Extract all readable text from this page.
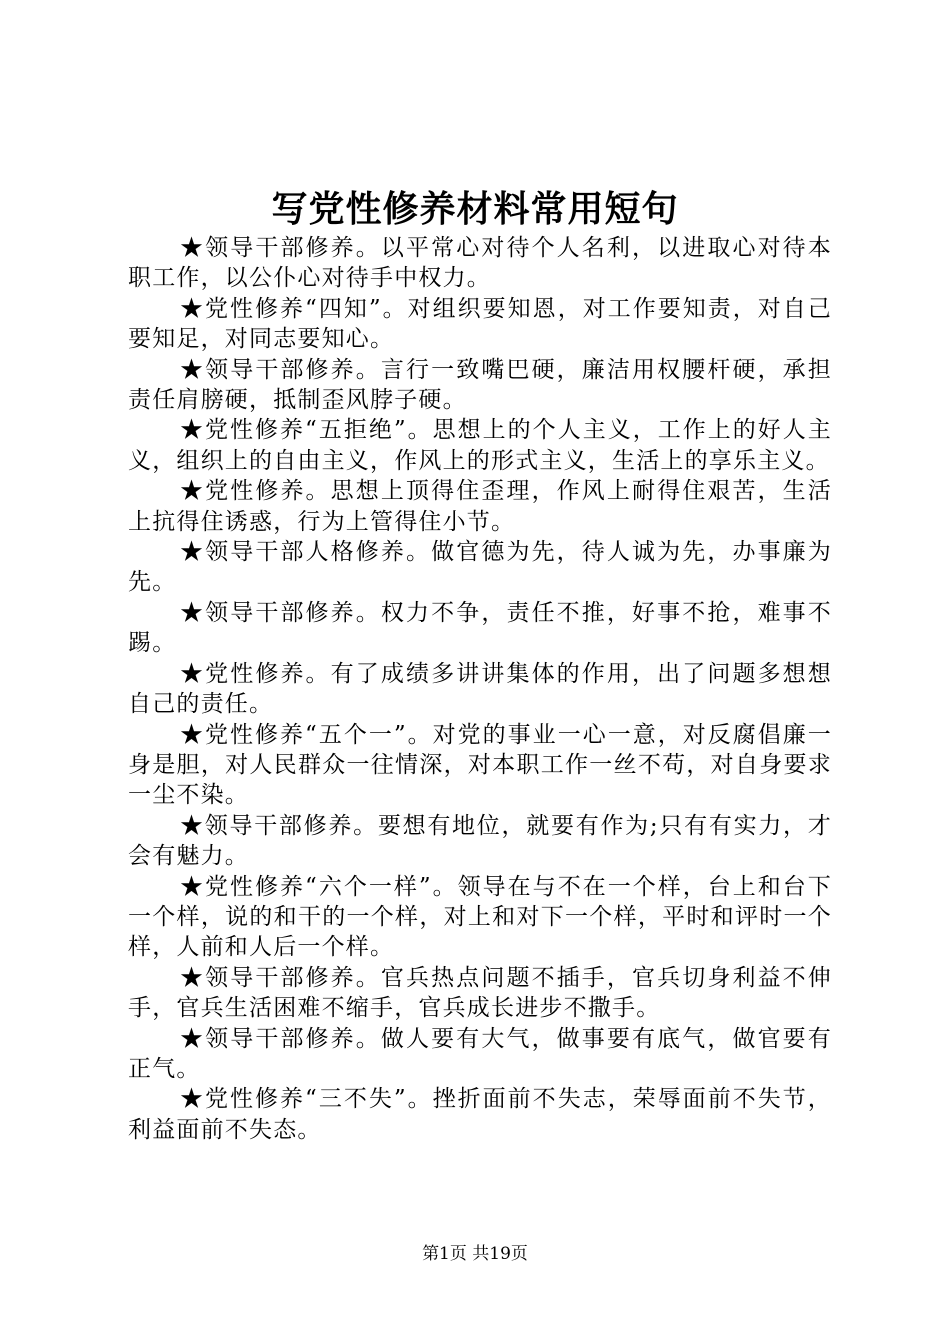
写党性修养材料常用短句

★领导干部修养。以平常心对待个人名利，以进取心对待本职工作，以公仆心对待手中权力。

★党性修养“四知”。对组织要知恩，对工作要知责，对自己要知足，对同志要知心。

★领导干部修养。言行一致嘴巴硬，廉洁用权腰杆硬，承担责任肩膀硬，抵制歪风脖子硬。

★党性修养“五拒绝”。思想上的个人主义，工作上的好人主义，组织上的自由主义，作风上的形式主义，生活上的享乐主义。

★党性修养。思想上顶得住歪理，作风上耐得住艰苦，生活上抗得住诱惑，行为上管得住小节。

★领导干部人格修养。做官德为先，待人诚为先，办事廉为先。

★领导干部修养。权力不争，责任不推，好事不抢，难事不踢。

★党性修养。有了成绩多讲讲集体的作用，出了问题多想想自己的责任。

★党性修养“五个一”。对党的事业一心一意，对反腐倡廉一身是胆，对人民群众一往情深，对本职工作一丝不苟，对自身要求一尘不染。

★领导干部修养。要想有地位，就要有作为;只有有实力，才会有魅力。

★党性修养“六个一样”。领导在与不在一个样，台上和台下一个样，说的和干的一个样，对上和对下一个样，平时和评时一个样，人前和人后一个样。

★领导干部修养。官兵热点问题不插手，官兵切身利益不伸手，官兵生活困难不缩手，官兵成长进步不撒手。

★领导干部修养。做人要有大气，做事要有底气，做官要有正气。

★党性修养“三不失”。挫折面前不失志，荣辱面前不失节，利益面前不失态。

第1页 共19页
